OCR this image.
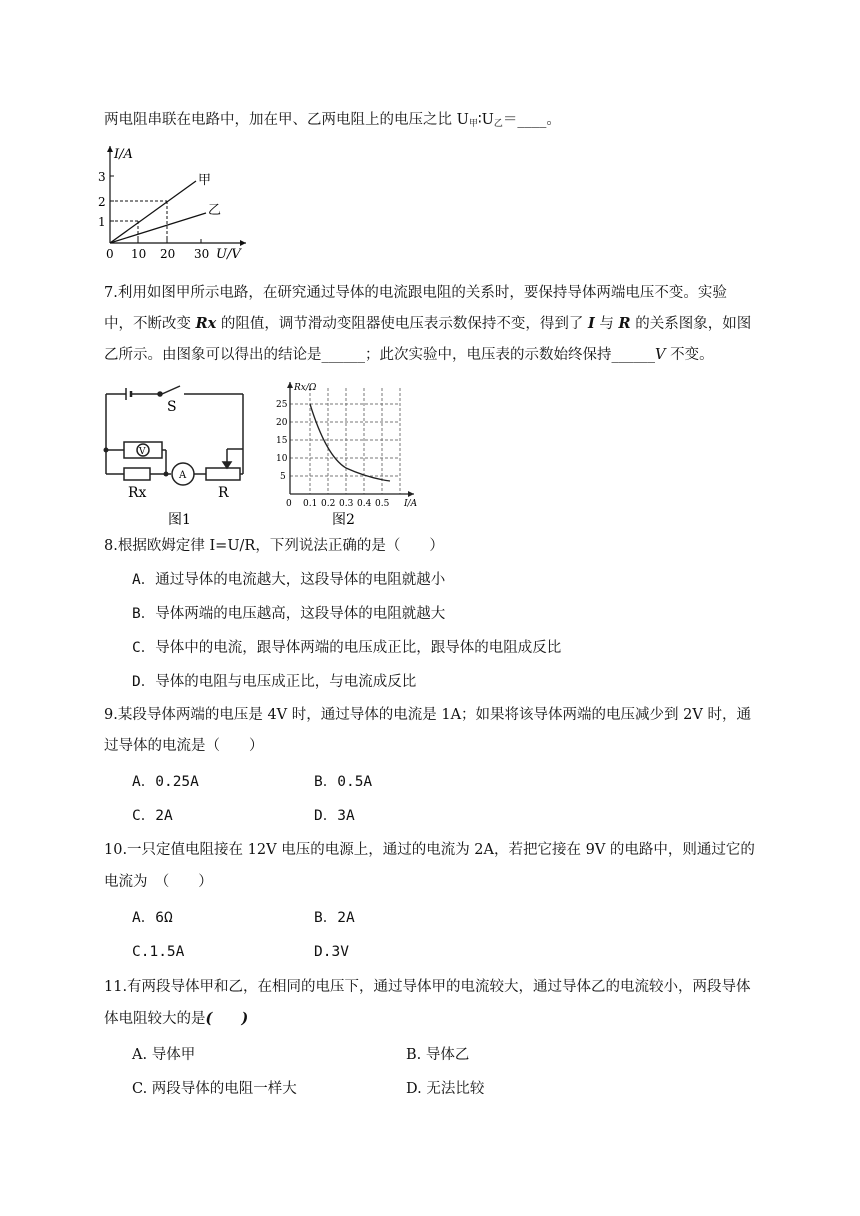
两电阻串联在电路中，加在甲、乙两电阻上的电压之比 $U_甲∶U_乙=\_\_\_\_$。
I/A
0
3
2
1
10 20 30 U/V
甲
乙
7.利用如图甲所示电路，在研究通过导体的电流跟电阻的关系时，要保持导体两端电压不变。实验
中，不断改变 Rx 的阻值，调节滑动变阻器使电压表示数保持不变，得到了 I 与 R 的关系图象，如图
乙所示。由图象可以得出的结论是______；此次实验中，电压表的示数始终保持______V 不变。
S
V
A
Rx	R
图1
Rx/Ω
25
20
15
10
5
0 0.1 0.2 0.3 0.4 0.5 I/A
图2
8.根据欧姆定律 I=U/R，下列说法正确的是（　　）
A．通过导体的电流越大，这段导体的电阻就越小
B．导体两端的电压越高，这段导体的电阻就越大
C．导体中的电流，跟导体两端的电压成正比，跟导体的电阻成反比
D．导体的电阻与电压成正比，与电流成反比
9.某段导体两端的电压是 4V 时，通过导体的电流是 1A；如果将该导体两端的电压减少到 2V 时，通
过导体的电流是（　　）
A．0.25A	B．0.5A
C．2A	D．3A
10.一只定值电阻接在 12V 电压的电源上，通过的电流为 2A，若把它接在 9V 的电路中，则通过它的
电流为　（　　）
A．6Ω	B．2A
C.1.5A	D.3V
11.有两段导体甲和乙，在相同的电压下，通过导体甲的电流较大，通过导体乙的电流较小，两段导体
体电阻较大的是(　　)
A. 导体甲	B. 导体乙
C. 两段导体的电阻一样大	D. 无法比较
